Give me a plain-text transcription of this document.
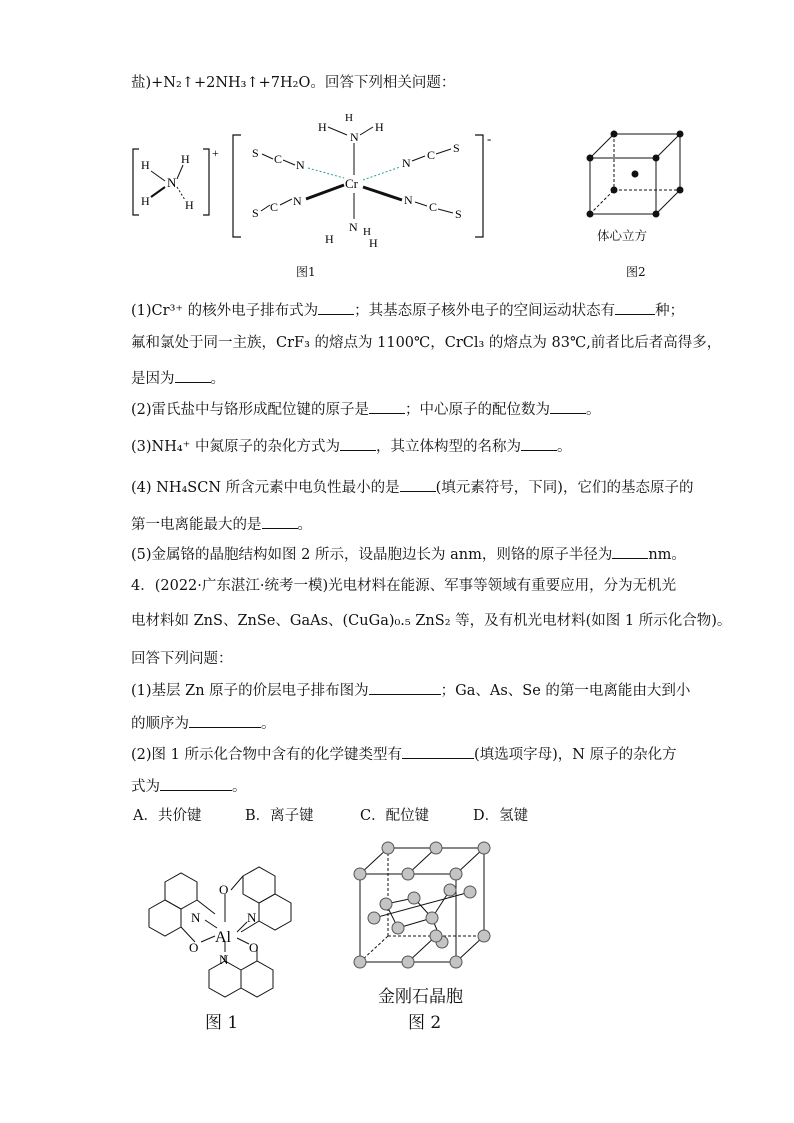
盐)+N₂↑+2NH₃↑+7H₂O。回答下列相关问题：
+
N
H
H
H
H
-
Cr
N
H	H
H
N
H	H
H
S C N
S C N
N
C S
N C S
体心立方
图1	图2
(1)Cr³⁺ 的核外电子排布式为 ；其基态原子核外电子的空间运动状态有	种；
氟和氯处于同一主族，CrF₃ 的熔点为 1100℃，CrCl₃ 的熔点为 83℃,前者比后者高得多，
是因为 。
(2)雷氏盐中与铬形成配位键的原子是 ；中心原子的配位数为 。
(3)NH₄⁺ 中氮原子的杂化方式为 ，其立体构型的名称为 。
(4) NH₄SCN 所含元素中电负性最小的是 (填元素符号，下同)，它们的基态原子的
第一电离能最大的是 。
(5)金属铬的晶胞结构如图 2 所示，设晶胞边长为 anm，则铬的原子半径为 nm。
4．(2022·广东湛江·统考一模)光电材料在能源、军事等领域有重要应用，分为无机光
电材料如 ZnS、ZnSe、GaAs、(CuGa)₀.₅ ZnS₂ 等，及有机光电材料(如图 1 所示化合物)。
回答下列问题：
(1)基层 Zn 原子的价层电子排布图为	；Ga、As、Se 的第一电离能由大到小
的顺序为	。
(2)图 1 所示化合物中含有的化学键类型有	(填选项字母)，N 原子的杂化方
式为	。
A．共价键	B．离子键	C．配位键	D．氢键
O
N	N
Al
O	O
N
金刚石晶胞
图 1	图 2
